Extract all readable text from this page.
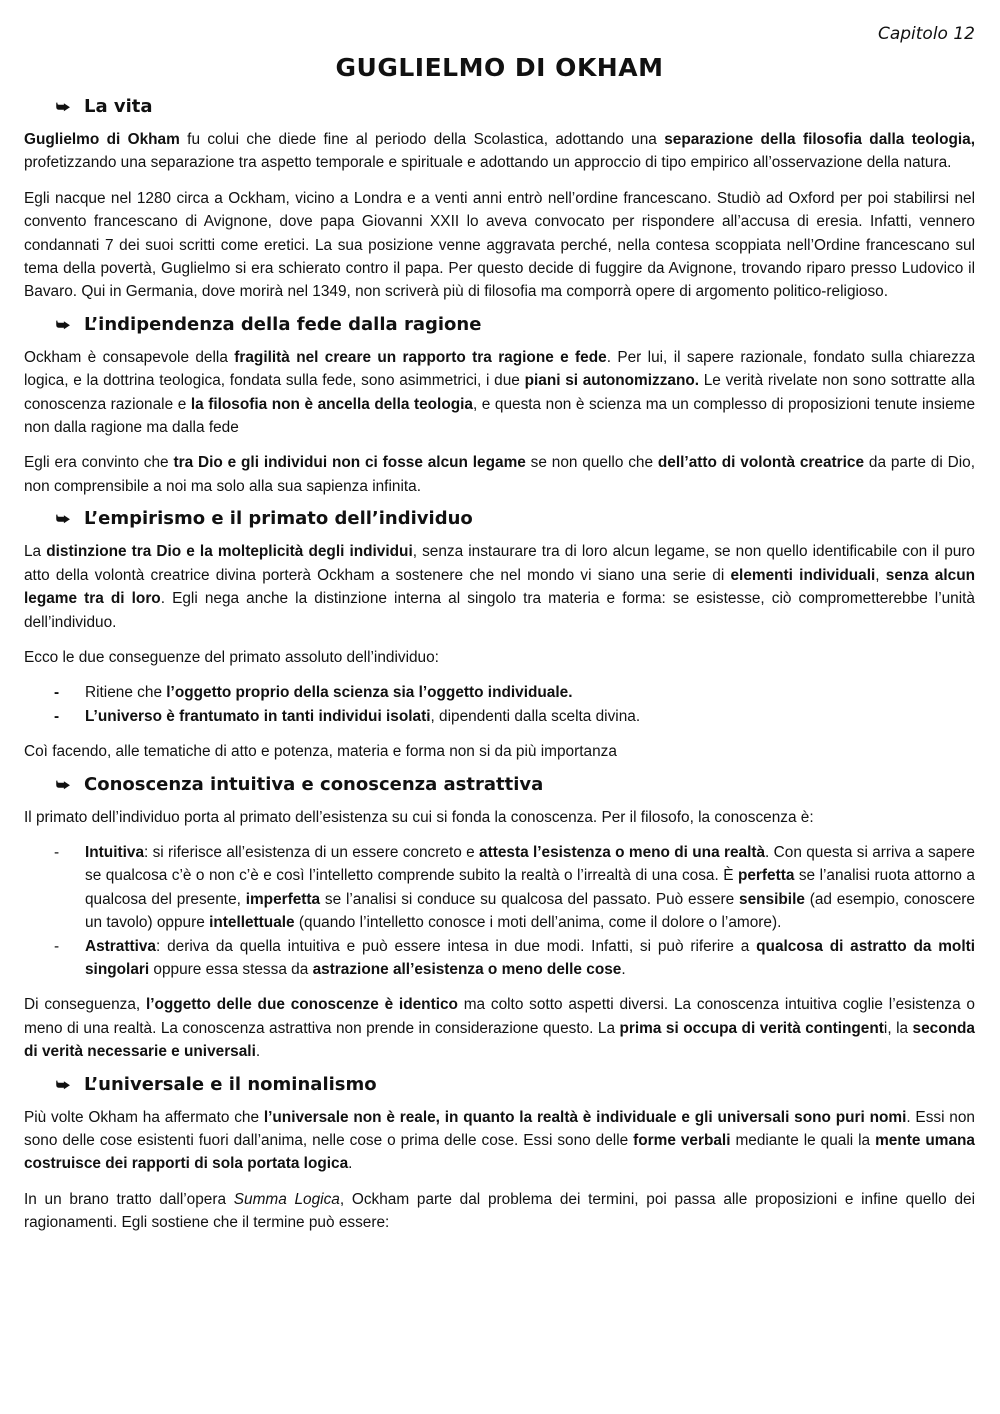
Capitolo 12
GUGLIELMO DI OKHAM
⮩ La vita

Guglielmo di Okham fu colui che diede fine al periodo della Scolastica, adottando una separazione della filosofia dalla teologia, profetizzando una separazione tra aspetto temporale e spirituale e adottando un approccio di tipo empirico all’osservazione della natura.

Egli nacque nel 1280 circa a Ockham, vicino a Londra e a venti anni entrò nell’ordine francescano. Studiò ad Oxford per poi stabilirsi nel convento francescano di Avignone, dove papa Giovanni XXII lo aveva convocato per rispondere all’accusa di eresia. Infatti, vennero condannati 7 dei suoi scritti come eretici. La sua posizione venne aggravata perché, nella contesa scoppiata nell’Ordine francescano sul tema della povertà, Guglielmo si era schierato contro il papa. Per questo decide di fuggire da Avignone, trovando riparo presso Ludovico il Bavaro. Qui in Germania, dove morirà nel 1349, non scriverà più di filosofia ma comporrà opere di argomento politico-religioso.

⮩ L’indipendenza della fede dalla ragione

Ockham è consapevole della fragilità nel creare un rapporto tra ragione e fede. Per lui, il sapere razionale, fondato sulla chiarezza logica, e la dottrina teologica, fondata sulla fede, sono asimmetrici, i due piani si autonomizzano. Le verità rivelate non sono sottratte alla conoscenza razionale e la filosofia non è ancella della teologia, e questa non è scienza ma un complesso di proposizioni tenute insieme non dalla ragione ma dalla fede

Egli era convinto che tra Dio e gli individui non ci fosse alcun legame se non quello che dell’atto di volontà creatrice da parte di Dio, non comprensibile a noi ma solo alla sua sapienza infinita.

⮩ L’empirismo e il primato dell’individuo

La distinzione tra Dio e la molteplicità degli individui, senza instaurare tra di loro alcun legame, se non quello identificabile con il puro atto della volontà creatrice divina porterà Ockham a sostenere che nel mondo vi siano una serie di elementi individuali, senza alcun legame tra di loro. Egli nega anche la distinzione interna al singolo tra materia e forma: se esistesse, ciò comprometterebbe l’unità dell’individuo.

Ecco le due conseguenze del primato assoluto dell’individuo:

- Ritiene che l’oggetto proprio della scienza sia l’oggetto individuale.
- L’universo è frantumato in tanti individui isolati, dipendenti dalla scelta divina.

Coì facendo, alle tematiche di atto e potenza, materia e forma non si da più importanza

⮩ Conoscenza intuitiva e conoscenza astrattiva

Il primato dell’individuo porta al primato dell’esistenza su cui si fonda la conoscenza. Per il filosofo, la conoscenza è:

- Intuitiva: si riferisce all’esistenza di un essere concreto e attesta l’esistenza o meno di una realtà. Con questa si arriva a sapere se qualcosa c’è o non c’è e così l’intelletto comprende subito la realtà o l’irrealtà di una cosa. È perfetta se l’analisi ruota attorno a qualcosa del presente, imperfetta se l’analisi si conduce su qualcosa del passato. Può essere sensibile (ad esempio, conoscere un tavolo) oppure intellettuale (quando l’intelletto conosce i moti dell’anima, come il dolore o l’amore).
- Astrattiva: deriva da quella intuitiva e può essere intesa in due modi. Infatti, si può riferire a qualcosa di astratto da molti singolari oppure essa stessa da astrazione all’esistenza o meno delle cose.

Di conseguenza, l’oggetto delle due conoscenze è identico ma colto sotto aspetti diversi. La conoscenza intuitiva coglie l’esistenza o meno di una realtà. La conoscenza astrattiva non prende in considerazione questo. La prima si occupa di verità contingenti, la seconda di verità necessarie e universali.

⮩ L’universale e il nominalismo

Più volte Okham ha affermato che l’universale non è reale, in quanto la realtà è individuale e gli universali sono puri nomi. Essi non sono delle cose esistenti fuori dall’anima, nelle cose o prima delle cose. Essi sono delle forme verbali mediante le quali la mente umana costruisce dei rapporti di sola portata logica.

In un brano tratto dall’opera Summa Logica, Ockham parte dal problema dei termini, poi passa alle proposizioni e infine quello dei ragionamenti. Egli sostiene che il termine può essere:
